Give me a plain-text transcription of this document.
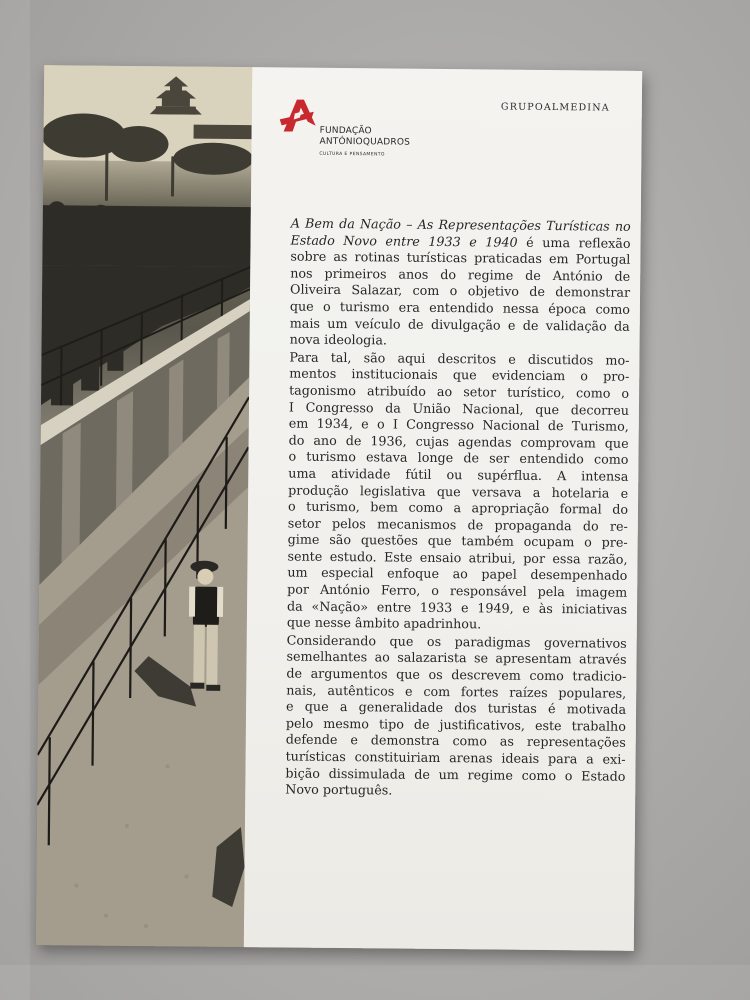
FUNDAÇÃO
ANTÓNIOQUADROS
CULTURA E PENSAMENTO
GRUPOALMEDINA

A Bem da Nação – As Representações Turísticas no
Estado Novo entre 1933 e 1940 é uma reflexão
sobre as rotinas turísticas praticadas em Portugal
nos primeiros anos do regime de António de
Oliveira Salazar, com o objetivo de demonstrar
que o turismo era entendido nessa época como
mais um veículo de divulgação e de validação da
nova ideologia.

Para tal, são aqui descritos e discutidos mo-
mentos institucionais que evidenciam o pro-
tagonismo atribuído ao setor turístico, como o
I Congresso da União Nacional, que decorreu
em 1934, e o I Congresso Nacional de Turismo,
do ano de 1936, cujas agendas comprovam que
o turismo estava longe de ser entendido como
uma atividade fútil ou supérflua. A intensa
produção legislativa que versava a hotelaria e
o turismo, bem como a apropriação formal do
setor pelos mecanismos de propaganda do re-
gime são questões que também ocupam o pre-
sente estudo. Este ensaio atribui, por essa razão,
um especial enfoque ao papel desempenhado
por António Ferro, o responsável pela imagem
da «Nação» entre 1933 e 1949, e às iniciativas
que nesse âmbito apadrinhou.

Considerando que os paradigmas governativos
semelhantes ao salazarista se apresentam através
de argumentos que os descrevem como tradicio-
nais, autênticos e com fortes raízes populares,
e que a generalidade dos turistas é motivada
pelo mesmo tipo de justificativos, este trabalho
defende e demonstra como as representações
turísticas constituiriam arenas ideais para a exi-
bição dissimulada de um regime como o Estado
Novo português.
